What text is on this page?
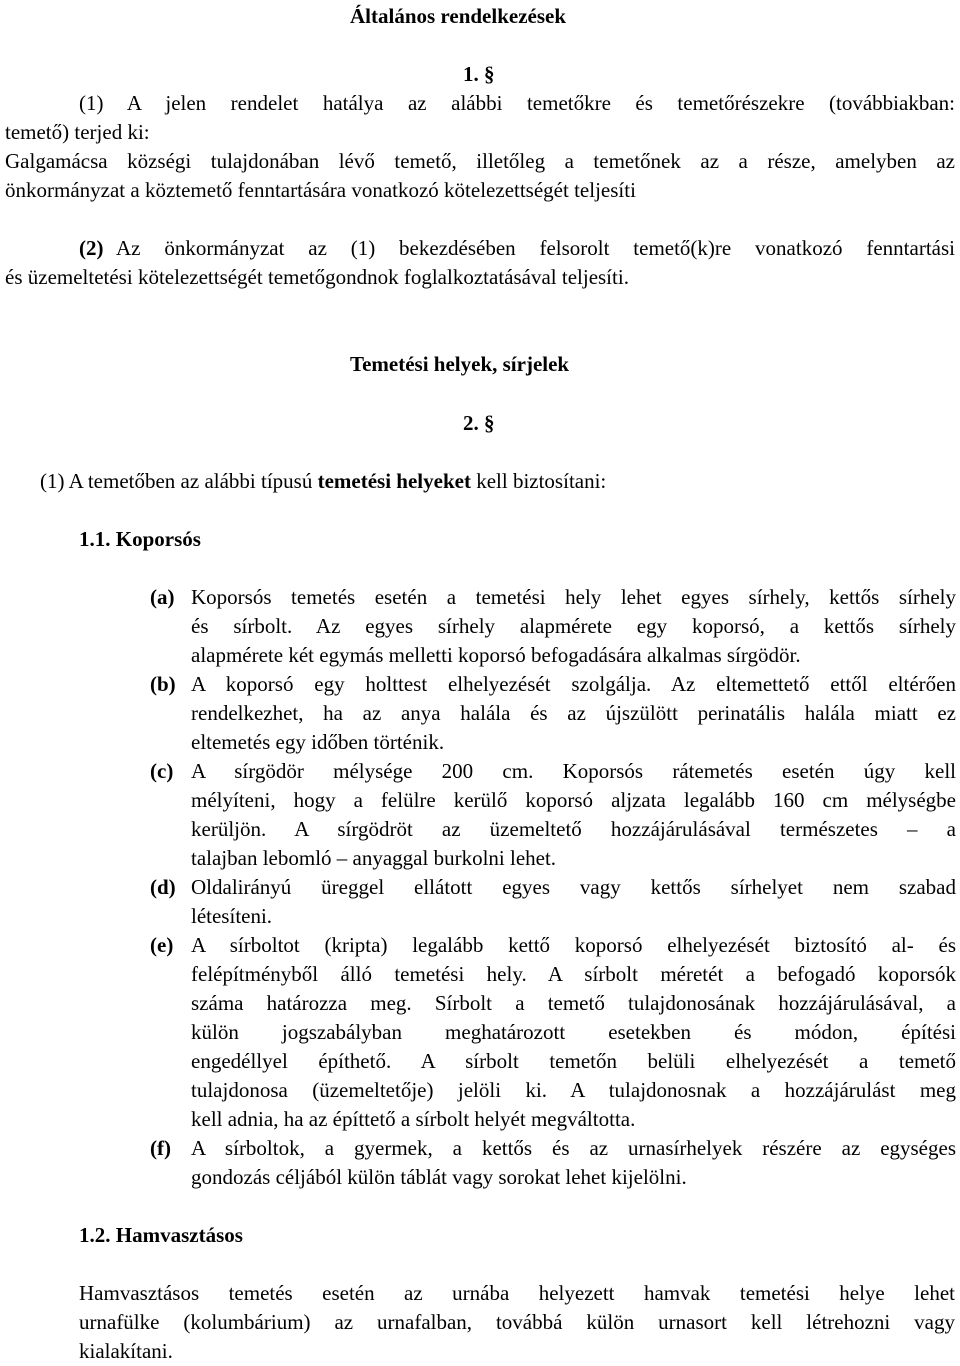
Általános rendelkezések
1. §
(1) A jelen rendelet hatálya az alábbi temetőkre és temetőrészekre (továbbiakban:
temető) terjed ki:
Galgamácsa községi tulajdonában lévő temető, illetőleg a temetőnek az a része, amelyben az
önkormányzat a köztemető fenntartására vonatkozó kötelezettségét teljesíti
(2) Az önkormányzat az (1) bekezdésében felsorolt temető(k)re vonatkozó fenntartási
és üzemeltetési kötelezettségét temetőgondnok foglalkoztatásával teljesíti.
Temetési helyek, sírjelek
2. §
(1) A temetőben az alábbi típusú temetési helyeket kell biztosítani:
1.1. Koporsós
(a) Koporsós temetés esetén a temetési hely lehet egyes sírhely, kettős sírhely
és sírbolt. Az egyes sírhely alapmérete egy koporsó, a kettős sírhely
alapmérete két egymás melletti koporsó befogadására alkalmas sírgödör.
(b) A koporsó egy holttest elhelyezését szolgálja. Az eltemettető ettől eltérően
rendelkezhet, ha az anya halála és az újszülött perinatális halála miatt ez
eltemetés egy időben történik.
(c) A sírgödör mélysége 200 cm. Koporsós rátemetés esetén úgy kell
mélyíteni, hogy a felülre kerülő koporsó aljzata legalább 160 cm mélységbe
kerüljön. A sírgödröt az üzemeltető hozzájárulásával természetes – a
talajban lebomló – anyaggal burkolni lehet.
(d) Oldalirányú üreggel ellátott egyes vagy kettős sírhelyet nem szabad
létesíteni.
(e) A sírboltot (kripta) legalább kettő koporsó elhelyezését biztosító al- és
felépítményből álló temetési hely. A sírbolt méretét a befogadó koporsók
száma határozza meg. Sírbolt a temető tulajdonosának hozzájárulásával, a
külön jogszabályban meghatározott esetekben és módon, építési
engedéllyel építhető. A sírbolt temetőn belüli elhelyezését a temető
tulajdonosa (üzemeltetője) jelöli ki. A tulajdonosnak a hozzájárulást meg
kell adnia, ha az építtető a sírbolt helyét megváltotta.
(f) A sírboltok, a gyermek, a kettős és az urnasírhelyek részére az egységes
gondozás céljából külön táblát vagy sorokat lehet kijelölni.
1.2. Hamvasztásos
Hamvasztásos temetés esetén az urnába helyezett hamvak temetési helye lehet
urnafülke (kolumbárium) az urnafalban, továbbá külön urnasort kell létrehozni vagy
kialakítani.
